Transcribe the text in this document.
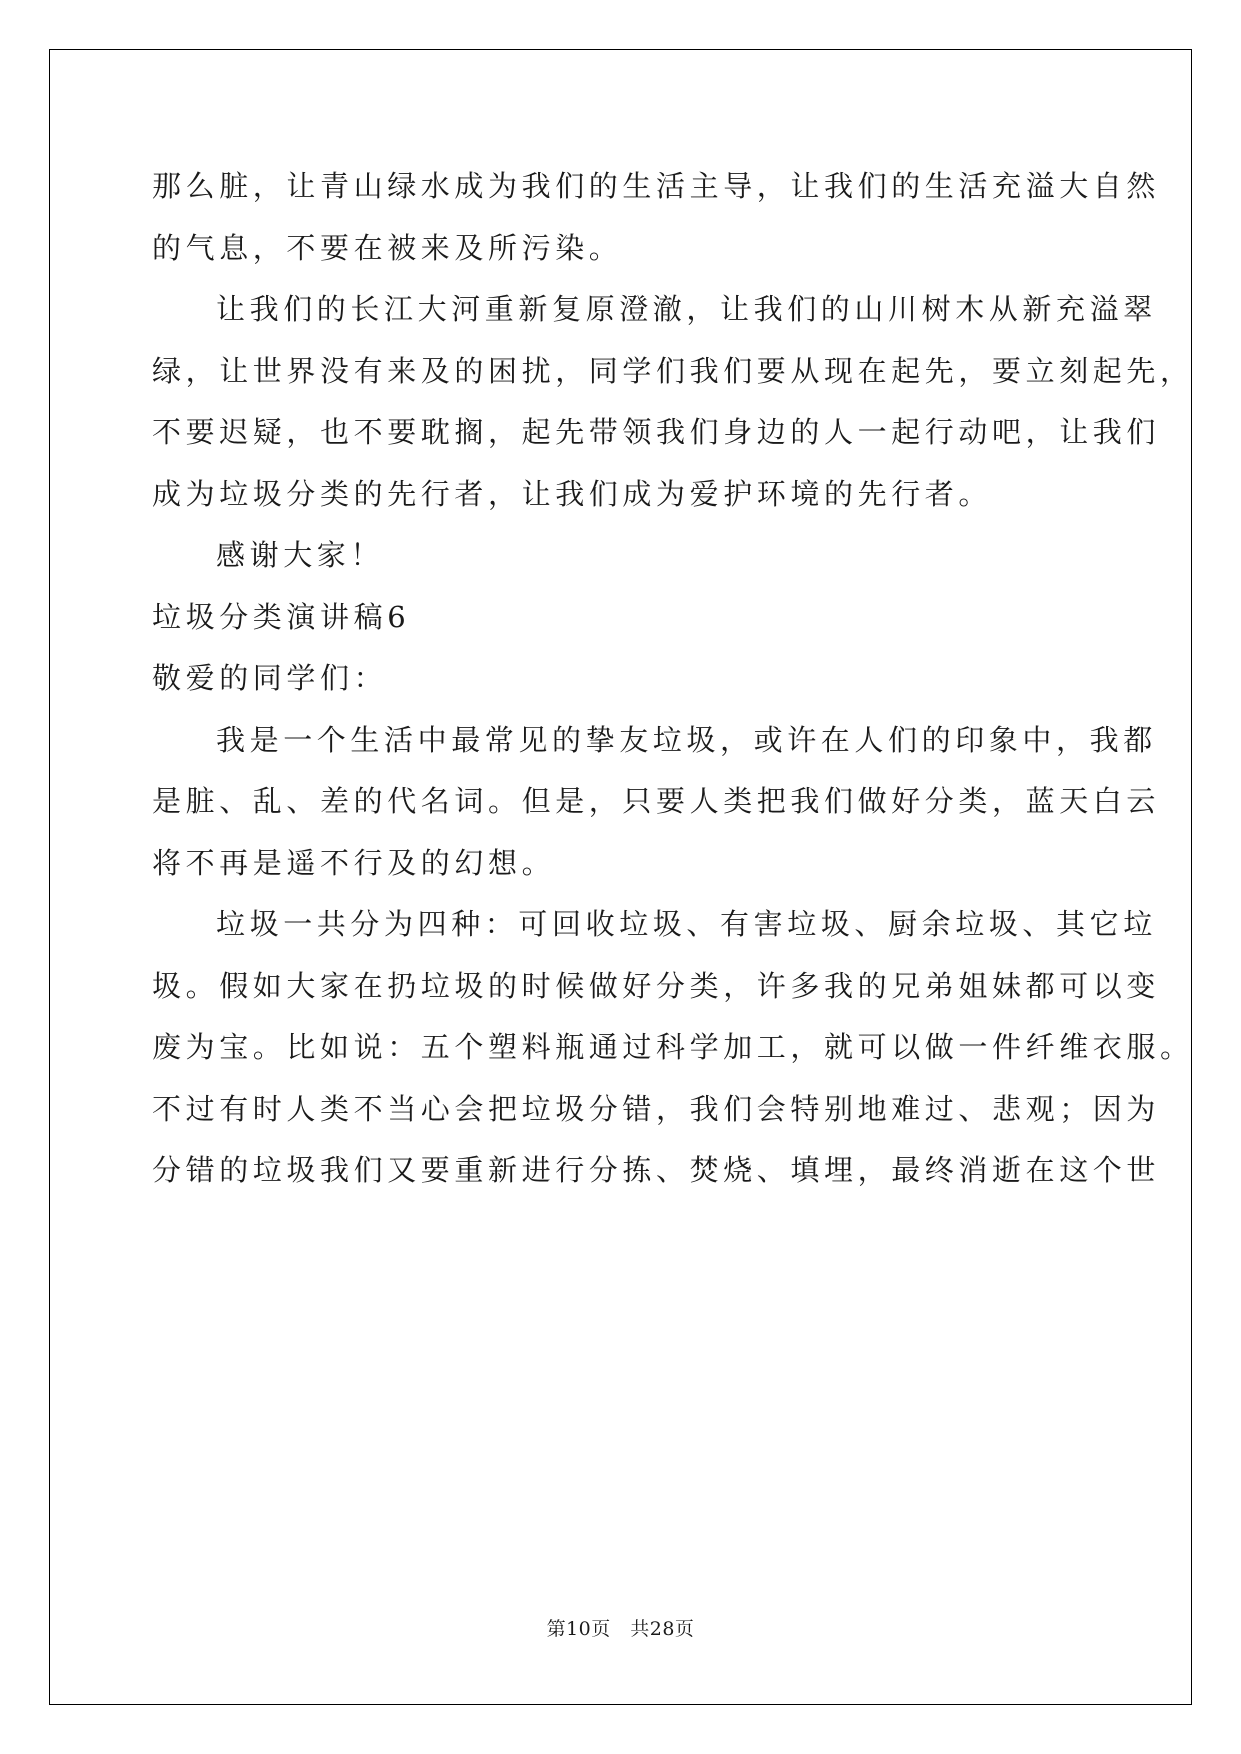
那么脏，让青山绿水成为我们的生活主导，让我们的生活充溢大自然
的气息，不要在被来及所污染。
让我们的长江大河重新复原澄澈，让我们的山川树木从新充溢翠
绿，让世界没有来及的困扰，同学们我们要从现在起先，要立刻起先，
不要迟疑，也不要耽搁，起先带领我们身边的人一起行动吧，让我们
成为垃圾分类的先行者，让我们成为爱护环境的先行者。
感谢大家！
垃圾分类演讲稿6
敬爱的同学们：
我是一个生活中最常见的挚友垃圾，或许在人们的印象中，我都
是脏、乱、差的代名词。但是，只要人类把我们做好分类，蓝天白云
将不再是遥不行及的幻想。
垃圾一共分为四种：可回收垃圾、有害垃圾、厨余垃圾、其它垃
圾。假如大家在扔垃圾的时候做好分类，许多我的兄弟姐妹都可以变
废为宝。比如说：五个塑料瓶通过科学加工，就可以做一件纤维衣服。
不过有时人类不当心会把垃圾分错，我们会特别地难过、悲观；因为
分错的垃圾我们又要重新进行分拣、焚烧、填埋，最终消逝在这个世
第10页　共28页
